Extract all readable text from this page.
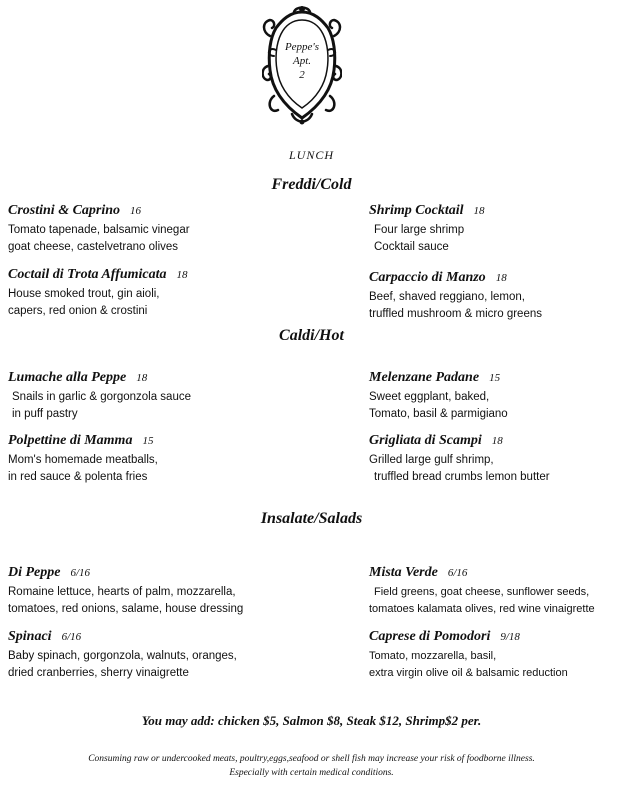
Peppe's
Apt.
2
LUNCH
Freddi/Cold
Crostini & Caprino 16
Tomato tapenade, balsamic vinegar
goat cheese, castelvetrano olives
Coctail di Trota Affumicata 18
House smoked trout, gin aioli,
capers, red onion & crostini
Shrimp Cocktail 18
Four large shrimp
Cocktail sauce
Carpaccio di Manzo 18
Beef, shaved reggiano, lemon,
truffled mushroom & micro greens
Caldi/Hot
Lumache alla Peppe 18
Snails in garlic & gorgonzola sauce
in puff pastry
Polpettine di Mamma 15
Mom's homemade meatballs,
in red sauce & polenta fries
Melenzane Padane 15
Sweet eggplant, baked,
Tomato, basil & parmigiano
Grigliata di Scampi 18
Grilled large gulf shrimp,
truffled bread crumbs lemon butter
Insalate/Salads
Di Peppe 6/16
Romaine lettuce, hearts of palm, mozzarella,
tomatoes, red onions, salame, house dressing
Spinaci 6/16
Baby spinach, gorgonzola, walnuts, oranges,
dried cranberries, sherry vinaigrette
Mista Verde 6/16
Field greens, goat cheese, sunflower seeds,
tomatoes kalamata olives, red wine vinaigrette
Caprese di Pomodori 9/18
Tomato, mozzarella, basil,
extra virgin olive oil & balsamic reduction
You may add: chicken $5, Salmon $8, Steak $12, Shrimp$2 per.
Consuming raw or undercooked meats, poultry,eggs,seafood or shell fish may increase your risk of foodborne illness.
Especially with certain medical conditions.
